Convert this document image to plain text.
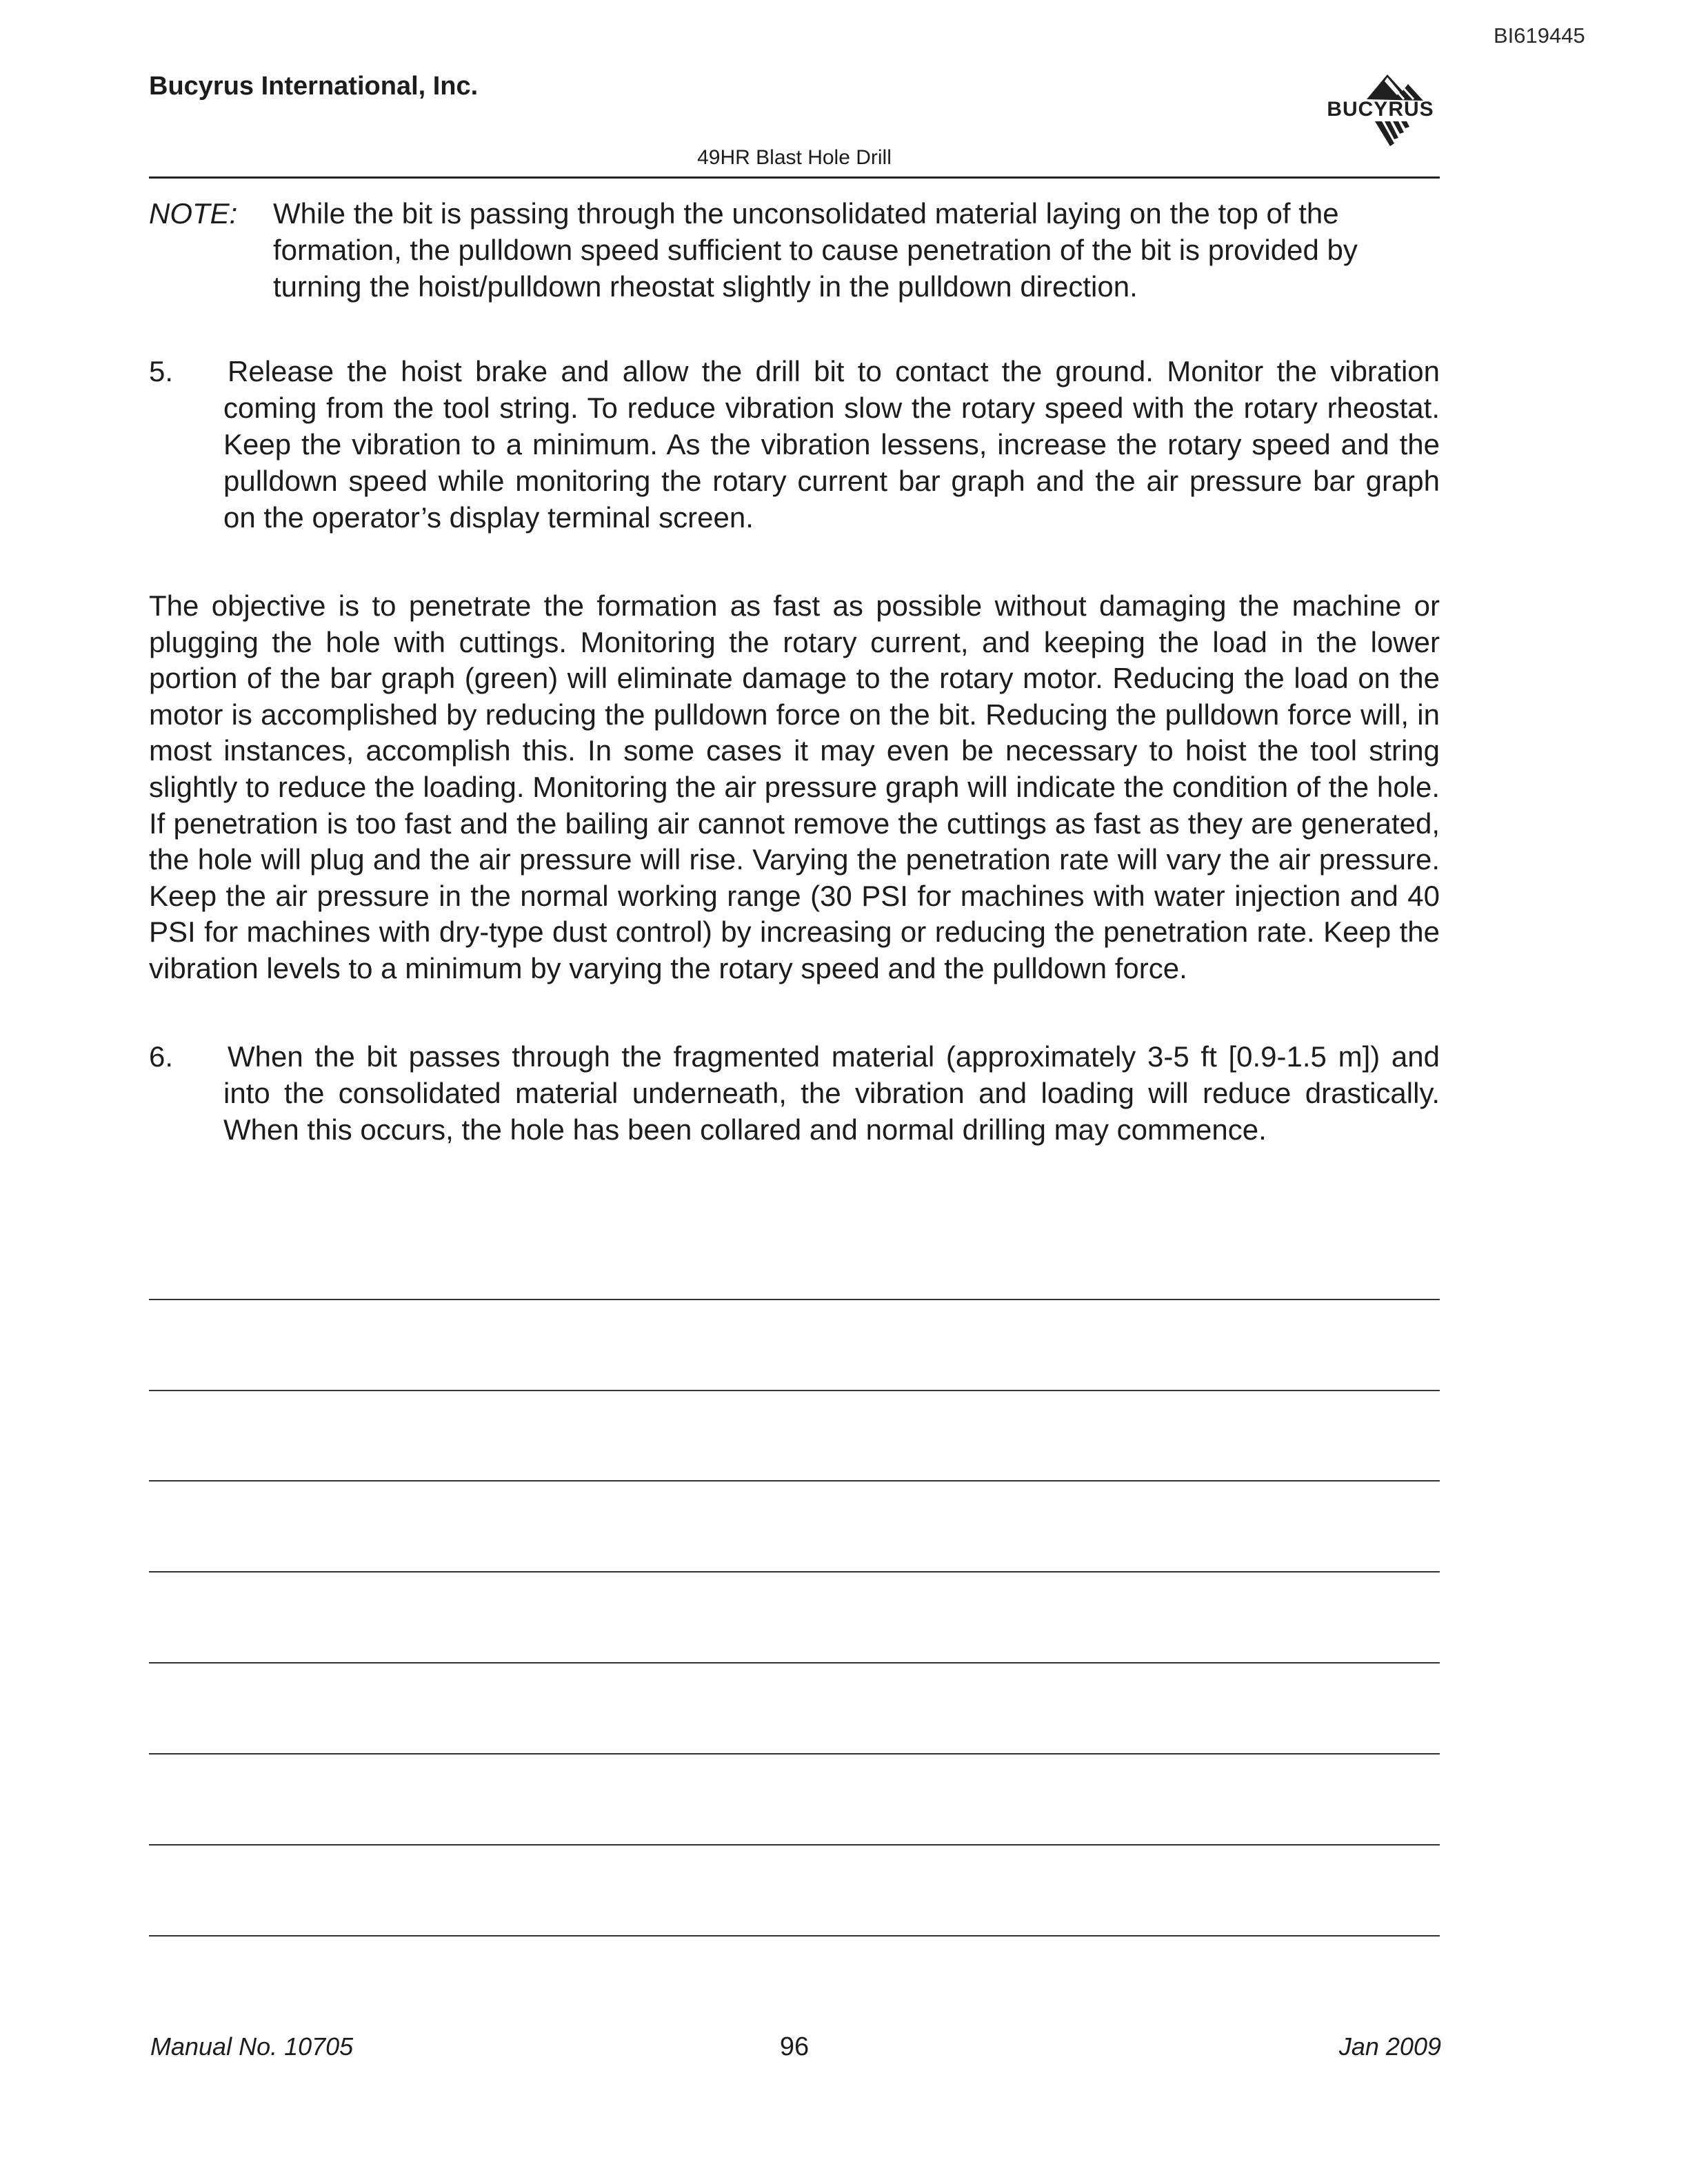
BI619445
Bucyrus International, Inc.
BUCYRUS
49HR Blast Hole Drill
NOTE: While the bit is passing through the unconsolidated material laying on the top of the formation, the pulldown speed sufficient to cause penetration of the bit is provided by turning the hoist/pulldown rheostat slightly in the pulldown direction.
5. Release the hoist brake and allow the drill bit to contact the ground. Monitor the vibration coming from the tool string. To reduce vibration slow the rotary speed with the rotary rheostat. Keep the vibration to a minimum. As the vibration lessens, increase the rotary speed and the pulldown speed while monitoring the rotary current bar graph and the air pressure bar graph on the operator’s display terminal screen.
The objective is to penetrate the formation as fast as possible without damaging the machine or plugging the hole with cuttings. Monitoring the rotary current, and keeping the load in the lower portion of the bar graph (green) will eliminate damage to the rotary motor. Reducing the load on the motor is accomplished by reducing the pulldown force on the bit. Reducing the pulldown force will, in most instances, accomplish this. In some cases it may even be necessary to hoist the tool string slightly to reduce the loading. Monitoring the air pressure graph will indicate the condition of the hole. If penetration is too fast and the bailing air cannot remove the cuttings as fast as they are generated, the hole will plug and the air pressure will rise. Varying the penetration rate will vary the air pressure. Keep the air pressure in the normal working range (30 PSI for machines with water injection and 40 PSI for machines with dry-type dust control) by increasing or reducing the penetration rate. Keep the vibration levels to a minimum by varying the rotary speed and the pulldown force.
6. When the bit passes through the fragmented material (approximately 3-5 ft [0.9-1.5 m]) and into the consolidated material underneath, the vibration and loading will reduce drastically. When this occurs, the hole has been collared and normal drilling may commence.
Manual No. 10705	96	Jan 2009
